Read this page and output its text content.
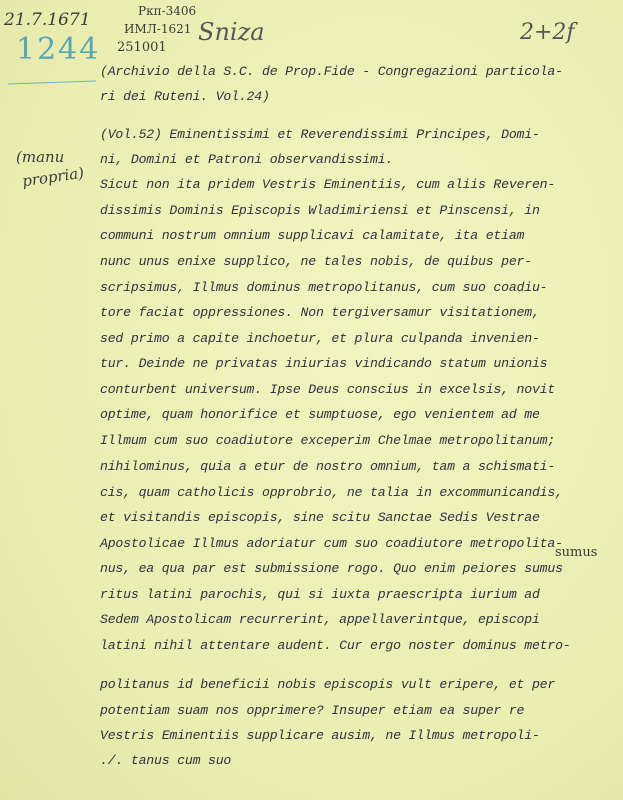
21.7.1671	Ркп-3406
ИМЛ-1621
251001
Sniza	2+2f
1244
(manu
propria)
sumus
(Archivio della S.C. de Prop.Fide - Congregazioni particola-
ri dei Ruteni. Vol.24)
(Vol.52) Eminentissimi et Reverendissimi Principes, Domi-
ni, Domini et Patroni observandissimi.
Sicut non ita pridem Vestris Eminentiis, cum aliis Reveren-
dissimis Dominis Episcopis Wladimiriensi et Pinscensi, in
communi nostrum omnium supplicavi calamitate, ita etiam
nunc unus enixe supplico, ne tales nobis, de quibus per-
scripsimus, Illmus dominus metropolitanus, cum suo coadiu-
tore faciat oppressiones. Non tergiversamur visitationem,
sed primo a capite inchoetur, et plura culpanda invenien-
tur. Deinde ne privatas iniurias vindicando statum unionis
conturbent universum. Ipse Deus conscius in excelsis, novit
optime, quam honorifice et sumptuose, ego venientem ad me
Illmum cum suo coadiutore exceperim Chelmae metropolitanum;
nihilominus, quia a etur de nostro omnium, tam a schismati-
cis, quam catholicis opprobrio, ne talia in excommunicandis,
et visitandis episcopis, sine scitu Sanctae Sedis Vestrae
Apostolicae Illmus adoriatur cum suo coadiutore metropolita-
nus, ea qua par est submissione rogo. Quo enim peiores sumus
ritus latini parochis, qui si iuxta praescripta iurium ad
Sedem Apostolicam recurrerint, appellaverintque, episcopi
latini nihil attentare audent. Cur ergo noster dominus metro-
politanus id beneficii nobis episcopis vult eripere, et per
potentiam suam nos opprimere? Insuper etiam ea super re
Vestris Eminentiis supplicare ausim, ne Illmus metropoli-
./. tanus cum suo
